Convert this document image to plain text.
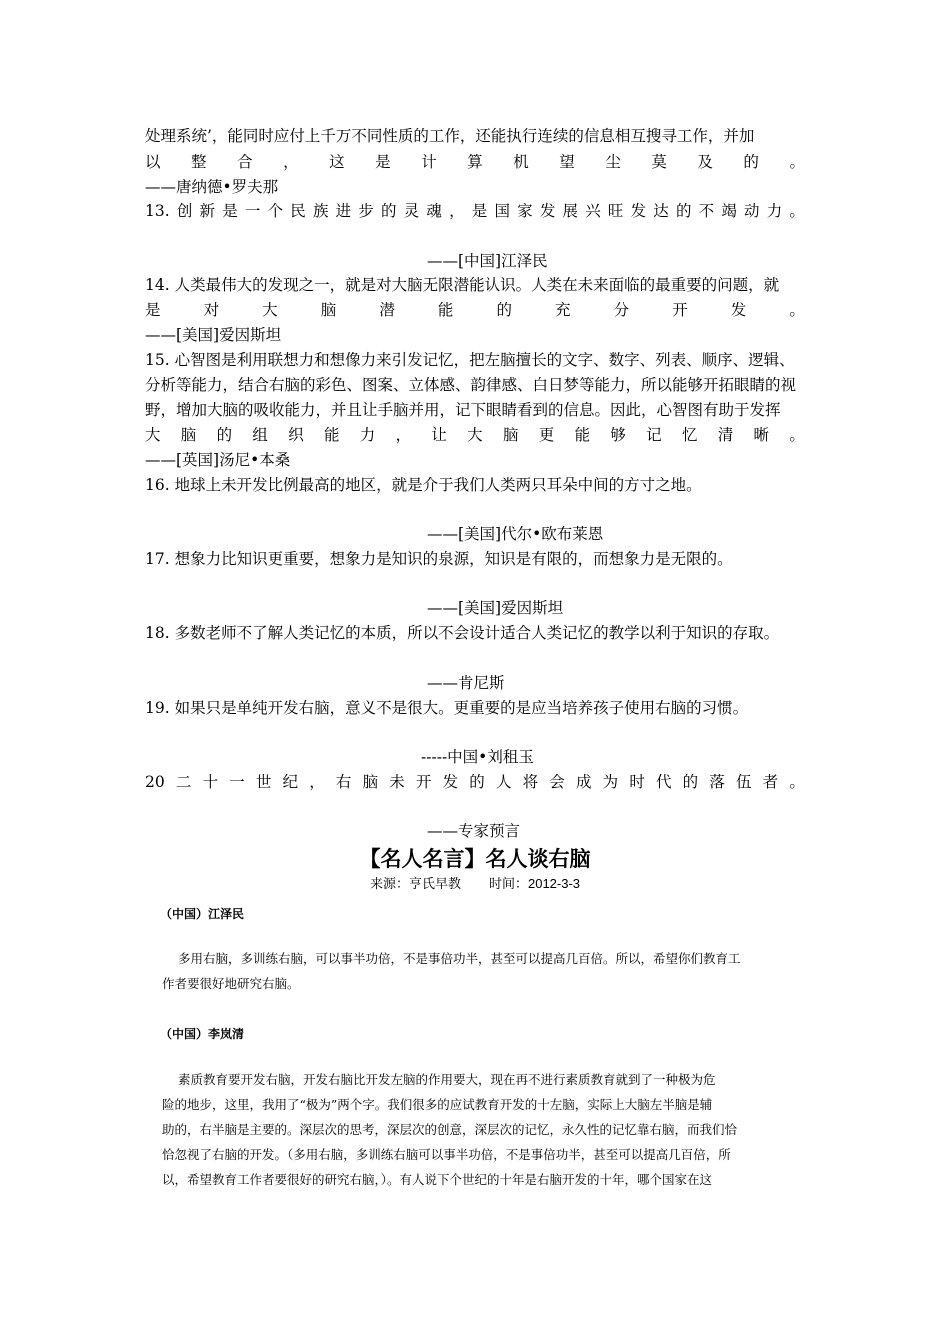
处理系统’，能同时应付上千万不同性质的工作，还能执行连续的信息相互搜寻工作，并加
以 整 合 ， 这 是 计 算 机 望 尘 莫 及 的 。
——唐纳德•罗夫那
13. 创 新 是 一 个 民 族 进 步 的 灵 魂 ， 是 国 家 发 展 兴 旺 发 达 的 不 竭 动 力 。
——[中国]江泽民
14. 人类最伟大的发现之一，就是对大脑无限潜能认识。人类在未来面临的最重要的问题，就
是	对	大	脑	潜	能	的	充	分	开	发	。
——[美国]爱因斯坦
15. 心智图是利用联想力和想像力来引发记忆，把左脑擅长的文字、数字、列表、顺序、逻辑、
分析等能力，结合右脑的彩色、图案、立体感、韵律感、白日梦等能力，所以能够开拓眼睛的视
野，增加大脑的吸收能力，并且让手脑并用，记下眼睛看到的信息。因此，心智图有助于发挥
大 脑 的 组 织 能 力 ， 让 大 脑 更 能 够 记 忆 清 晰 。
——[英国]汤尼•本桑
16. 地球上未开发比例最高的地区，就是介于我们人类两只耳朵中间的方寸之地。
——[美国]代尔•欧布莱恩
17. 想象力比知识更重要，想象力是知识的泉源，知识是有限的，而想象力是无限的。
——[美国]爱因斯坦
18. 多数老师不了解人类记忆的本质，所以不会设计适合人类记忆的教学以利于知识的存取。
——肯尼斯
19. 如果只是单纯开发右脑，意义不是很大。更重要的是应当培养孩子使用右脑的习惯。
-----中国•刘租玉
20 二 十 一 世 纪 ， 右 脑 未 开 发 的 人 将 会 成 为 时 代 的 落 伍 者 。
——专家预言
【名人名言】名人谈右脑
来源：亨氏早教 时间：2012-3-3
（中国）江泽民

多用右脑，多训练右脑，可以事半功倍，不是事倍功半，甚至可以提高几百倍。所以，希望你们教育工

作者要很好地研究右脑。

（中国）李岚清

素质教育要开发右脑，开发右脑比开发左脑的作用要大，现在再不进行素质教育就到了一种极为危

险的地步，这里，我用了“极为”两个字。我们很多的应试教育开发的十左脑，实际上大脑左半脑是辅

助的，右半脑是主要的。深层次的思考，深层次的创意，深层次的记忆，永久性的记忆靠右脑，而我们恰

恰忽视了右脑的开发。（多用右脑，多训练右脑可以事半功倍，不是事倍功半，甚至可以提高几百倍，所

以，希望教育工作者要很好的研究右脑，）。有人说下个世纪的十年是右脑开发的十年，哪个国家在这
